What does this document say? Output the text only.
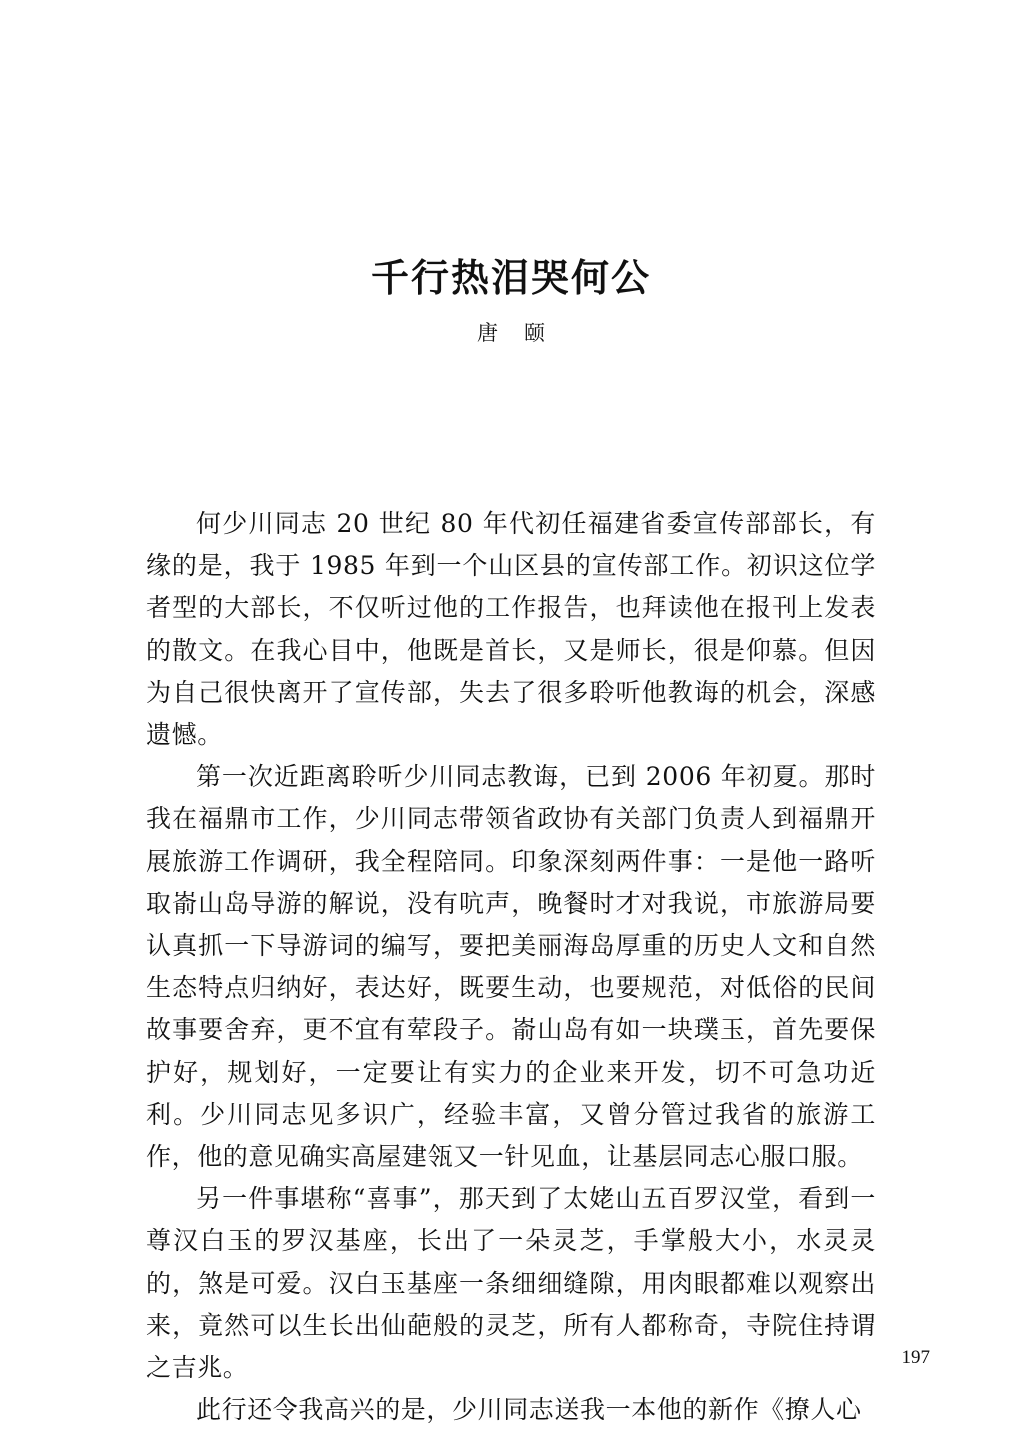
千行热泪哭何公
唐颐

何少川同志 20 世纪 80 年代初任福建省委宣传部部长，有缘的是，我于 1985 年到一个山区县的宣传部工作。初识这位学者型的大部长，不仅听过他的工作报告，也拜读他在报刊上发表的散文。在我心目中，他既是首长，又是师长，很是仰慕。但因为自己很快离开了宣传部，失去了很多聆听他教诲的机会，深感遗憾。

第一次近距离聆听少川同志教诲，已到 2006 年初夏。那时我在福鼎市工作，少川同志带领省政协有关部门负责人到福鼎开展旅游工作调研，我全程陪同。印象深刻两件事：一是他一路听取嵛山岛导游的解说，没有吭声，晚餐时才对我说，市旅游局要认真抓一下导游词的编写，要把美丽海岛厚重的历史人文和自然生态特点归纳好，表达好，既要生动，也要规范，对低俗的民间故事要舍弃，更不宜有荤段子。嵛山岛有如一块璞玉，首先要保护好，规划好，一定要让有实力的企业来开发，切不可急功近利。少川同志见多识广，经验丰富，又曾分管过我省的旅游工作，他的意见确实高屋建瓴又一针见血，让基层同志心服口服。

另一件事堪称“喜事”，那天到了太姥山五百罗汉堂，看到一尊汉白玉的罗汉基座，长出了一朵灵芝，手掌般大小，水灵灵的，煞是可爱。汉白玉基座一条细细缝隙，用肉眼都难以观察出来，竟然可以生长出仙葩般的灵芝，所有人都称奇，寺院住持谓之吉兆。

此行还令我高兴的是，少川同志送我一本他的新作《撩人心

197
